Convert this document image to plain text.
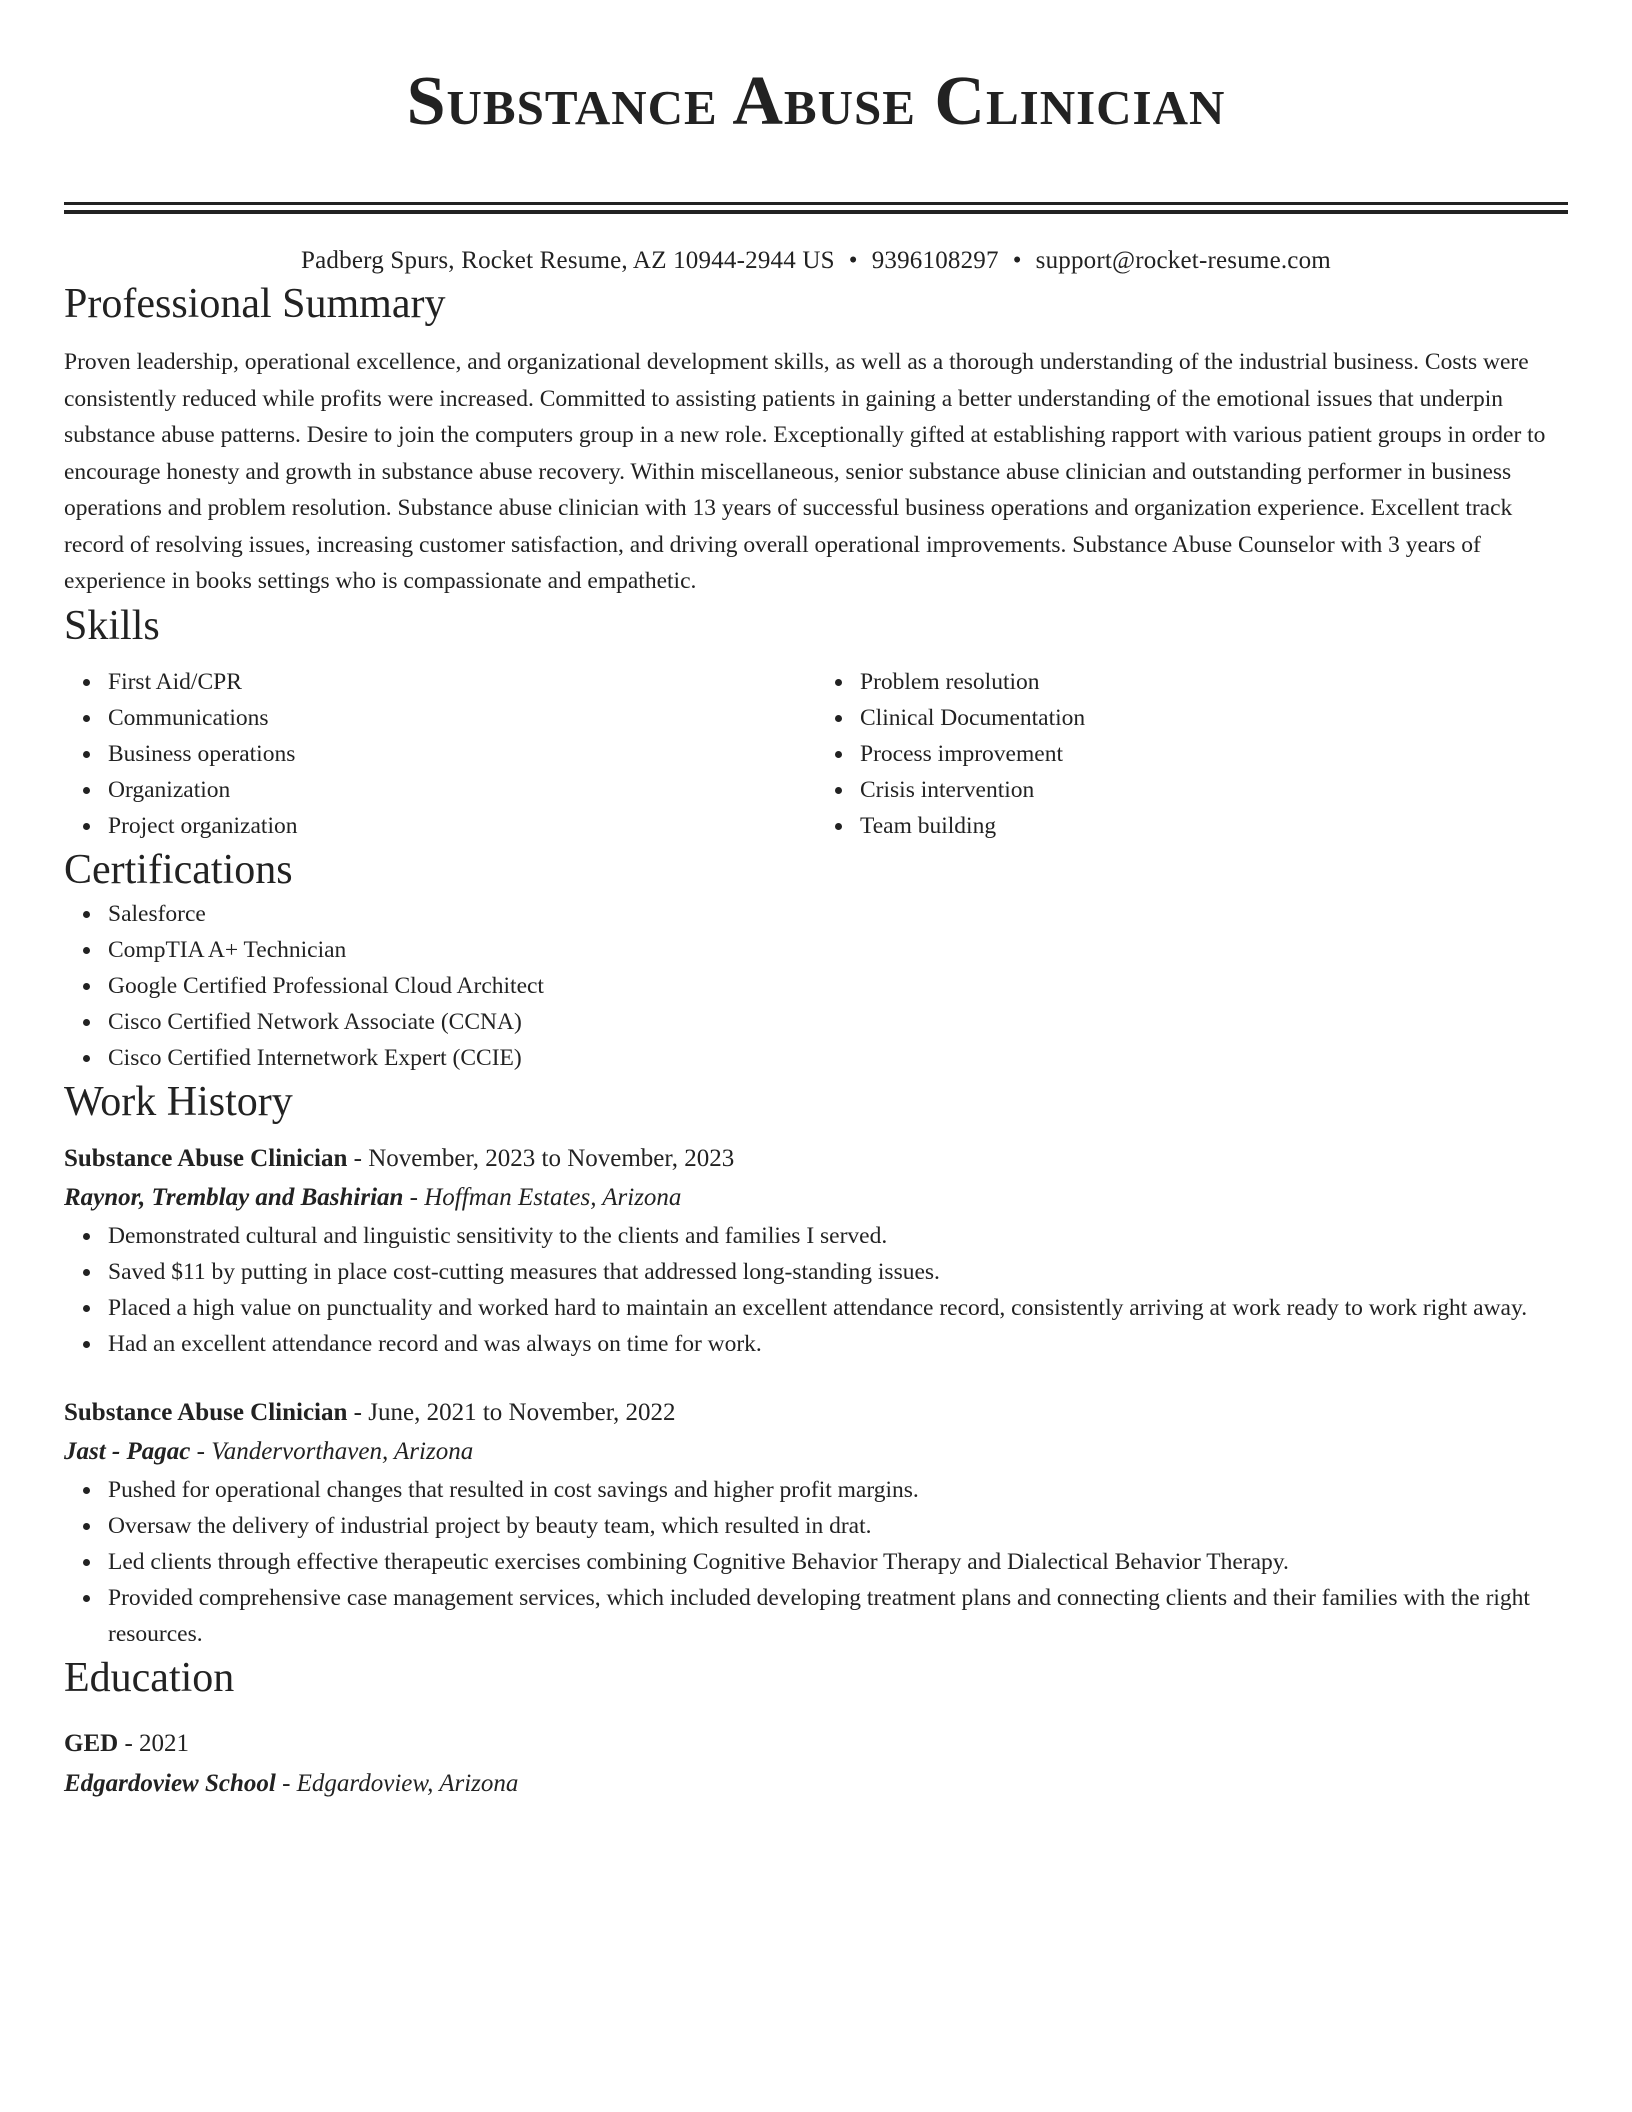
Substance Abuse Clinician
Padberg Spurs, Rocket Resume, AZ 10944-2944 US • 9396108297 • support@rocket-resume.com
Professional Summary
Proven leadership, operational excellence, and organizational development skills, as well as a thorough understanding of the industrial business. Costs were consistently reduced while profits were increased. Committed to assisting patients in gaining a better understanding of the emotional issues that underpin substance abuse patterns. Desire to join the computers group in a new role. Exceptionally gifted at establishing rapport with various patient groups in order to encourage honesty and growth in substance abuse recovery. Within miscellaneous, senior substance abuse clinician and outstanding performer in business operations and problem resolution. Substance abuse clinician with 13 years of successful business operations and organization experience. Excellent track record of resolving issues, increasing customer satisfaction, and driving overall operational improvements. Substance Abuse Counselor with 3 years of experience in books settings who is compassionate and empathetic.
Skills
First Aid/CPR
Communications
Business operations
Organization
Project organization
Problem resolution
Clinical Documentation
Process improvement
Crisis intervention
Team building
Certifications
Salesforce
CompTIA A+ Technician
Google Certified Professional Cloud Architect
Cisco Certified Network Associate (CCNA)
Cisco Certified Internetwork Expert (CCIE)
Work History
Substance Abuse Clinician - November, 2023 to November, 2023
Raynor, Tremblay and Bashirian - Hoffman Estates, Arizona
Demonstrated cultural and linguistic sensitivity to the clients and families I served.
Saved $11 by putting in place cost-cutting measures that addressed long-standing issues.
Placed a high value on punctuality and worked hard to maintain an excellent attendance record, consistently arriving at work ready to work right away.
Had an excellent attendance record and was always on time for work.
Substance Abuse Clinician - June, 2021 to November, 2022
Jast - Pagac - Vandervorthaven, Arizona
Pushed for operational changes that resulted in cost savings and higher profit margins.
Oversaw the delivery of industrial project by beauty team, which resulted in drat.
Led clients through effective therapeutic exercises combining Cognitive Behavior Therapy and Dialectical Behavior Therapy.
Provided comprehensive case management services, which included developing treatment plans and connecting clients and their families with the right resources.
Education
GED - 2021
Edgardoview School - Edgardoview, Arizona
